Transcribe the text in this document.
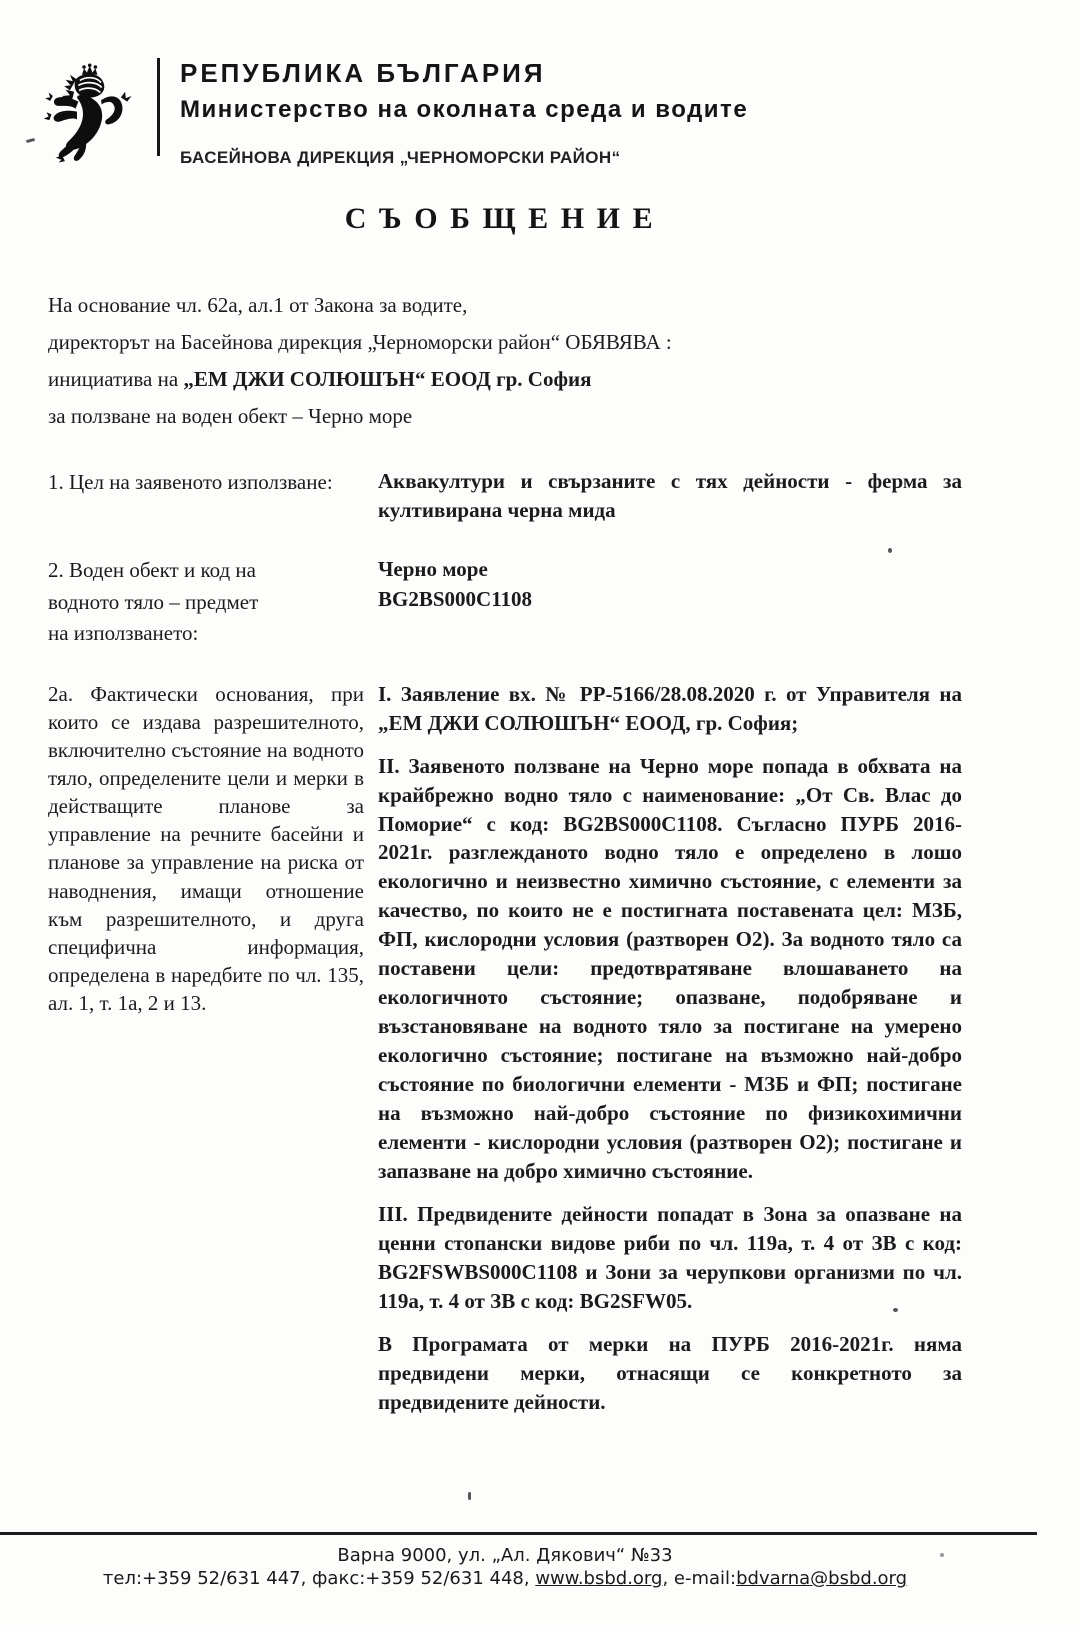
РЕПУБЛИКА БЪЛГАРИЯ
Министерство на околната среда и водите
БАСЕЙНОВА ДИРЕКЦИЯ „ЧЕРНОМОРСКИ РАЙОН“
СЪОБЩЕНИЕ

На основание чл. 62а, ал.1 от Закона за водите,

директорът на Басейнова дирекция „Черноморски район“ ОБЯВЯВА :

инициатива на „ЕМ ДЖИ СОЛЮШЪН“ ЕООД гр. София

за ползване на воден обект – Черно море

1. Цел на заявеното използване:	Аквакултури и свързаните с тях дейности - ферма за култивирана черна мида
2. Воден обект и код на
водното тяло – предмет
на използването:
Черно море
BG2BS000C1108
2а. Фактически основания, при които се издава разрешителното, включително състояние на водното тяло, определените цели и мерки в действащите планове за управление на речните басейни и планове за управление на риска от наводнения, имащи отношение към разрешителното, и друга специфична информация, определена в наредбите по чл. 135, ал. 1, т. 1а, 2 и 13.

I. Заявление вх. № РР-5166/28.08.2020 г. от Управителя на „ЕМ ДЖИ СОЛЮШЪН“ ЕООД, гр. София;

II. Заявеното ползване на Черно море попада в обхвата на крайбрежно водно тяло с наименование: „От Св. Влас до Поморие“ с код: BG2BS000C1108. Съгласно ПУРБ 2016-2021г. разглежданото водно тяло е определено в лошо екологично и неизвестно химично състояние, с елементи за качество, по които не е постигната поставената цел: МЗБ, ФП, кислородни условия (разтворен О2). За водното тяло са поставени цели: предотвратяване влошаването на екологичното състояние; опазване, подобряване и възстановяване на водното тяло за постигане на умерено екологично състояние; постигане на възможно най-добро състояние по биологични елементи - МЗБ и ФП; постигане на възможно най-добро състояние по физикохимични елементи - кислородни условия (разтворен О2); постигане и запазване на добро химично състояние.

III. Предвидените дейности попадат в Зона за опазване на ценни стопански видове риби по чл. 119а, т. 4 от ЗВ с код: BG2FSWBS000C1108 и Зони за черупкови организми по чл. 119а, т. 4 от ЗВ с код: BG2SFW05.

В Програмата от мерки на ПУРБ 2016-2021г. няма предвидени мерки, отнасящи се конкретното за предвидените дейности.

Варна 9000, ул. „Ал. Дякович“ №33
тел:+359 52/631 447, факс:+359 52/631 448, www.bsbd.org, e-mail:bdvarna@bsbd.org
